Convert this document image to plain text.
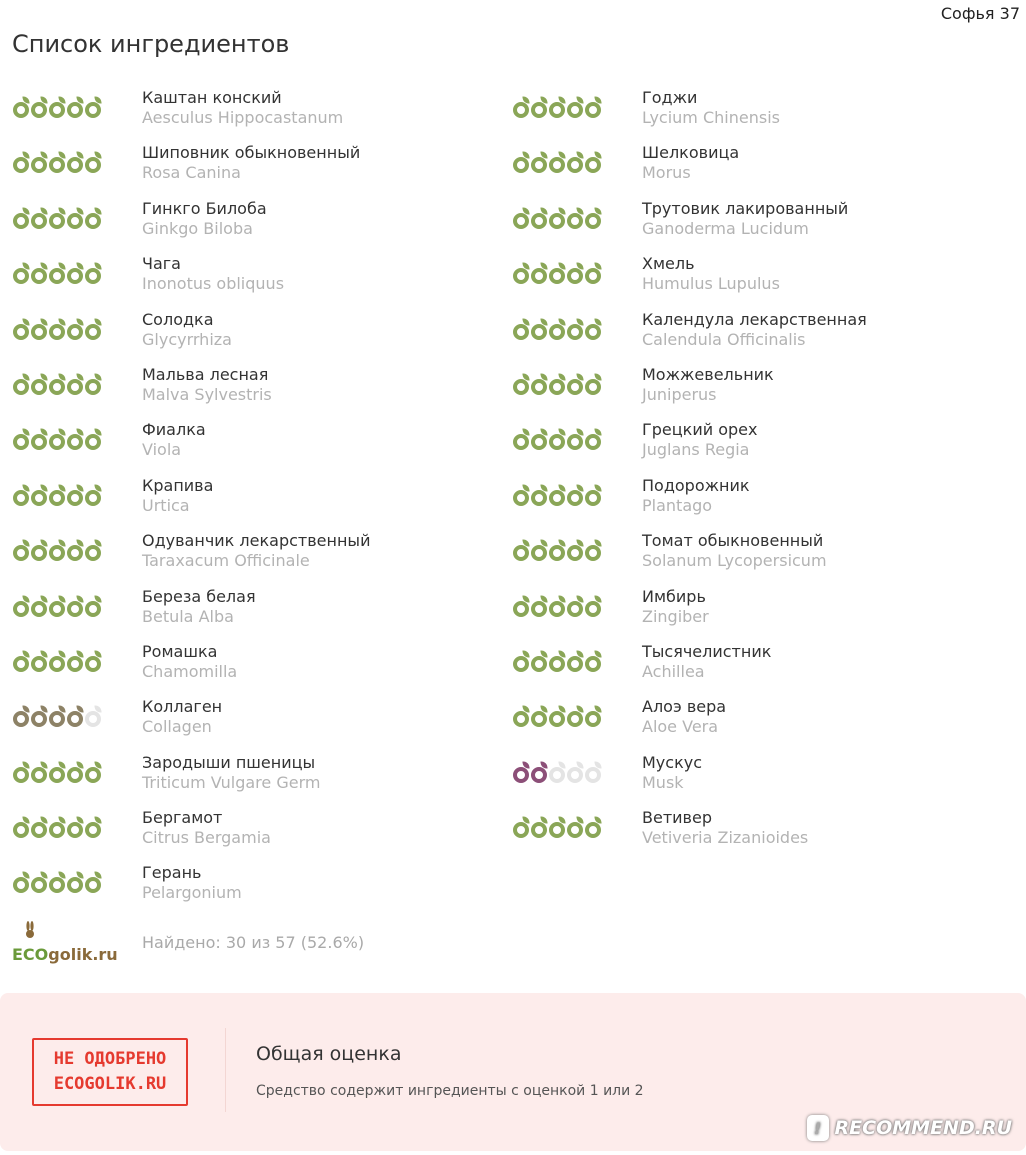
Софья 37
Список ингредиентов
Каштан конский
Aesculus Hippocastanum
Шиповник обыкновенный
Rosa Canina
Гинкго Билоба
Ginkgo Biloba
Чага
Inonotus obliquus
Солодка
Glycyrrhiza
Мальва лесная
Malva Sylvestris
Фиалка
Viola
Крапива
Urtica
Одуванчик лекарственный
Taraxacum Officinale
Береза белая
Betula Alba
Ромашка
Chamomilla
Коллаген
Collagen
Зародыши пшеницы
Triticum Vulgare Germ
Бергамот
Citrus Bergamia
Герань
Pelargonium
Годжи
Lycium Chinensis
Шелковица
Morus
Трутовик лакированный
Ganoderma Lucidum
Хмель
Humulus Lupulus
Календула лекарственная
Calendula Officinalis
Можжевельник
Juniperus
Грецкий орех
Juglans Regia
Подорожник
Plantago
Томат обыкновенный
Solanum Lycopersicum
Имбирь
Zingiber
Тысячелистник
Achillea
Алоэ вера
Aloe Vera
Мускус
Musk
Ветивер
Vetiveria Zizanioides
ECOgolik.ru
Найдено: 30 из 57 (52.6%)
НЕ ОДОБРЕНО
ECOGOLIK.RU
Общая оценка
Средство содержит ингредиенты с оценкой 1 или 2
! RECOMMEND.RU
